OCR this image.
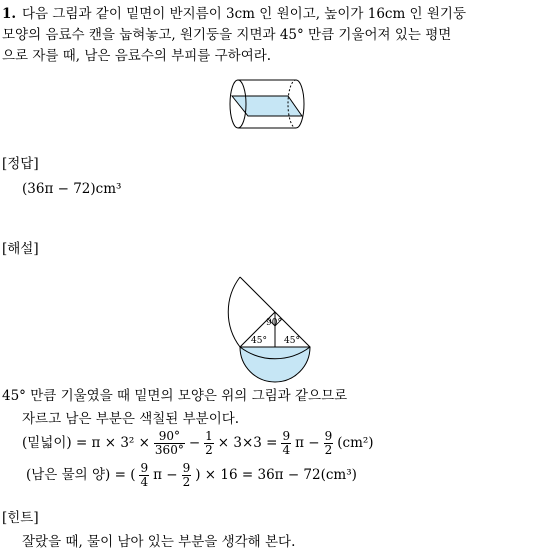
1. 다음 그림과 같이 밑면이 반지름이 3cm 인 원이고, 높이가 16cm 인 원기둥
모양의 음료수 캔을 눕혀놓고, 원기둥을 지면과 45° 만큼 기울어져 있는 평면
으로 자를 때, 남은 음료수의 부피를 구하여라.
90°
45° 45°
[정답]
(36π − 72)cm³
[해설]
45° 만큼 기울였을 때 밑면의 모양은 위의 그림과 같으므로
자르고 남은 부분은 색칠된 부분이다.
(밑넓이) = $\pi \times 3^2 \times \frac{90^\circ}{360^\circ} - \frac{1}{2} \times 3\times 3 = \frac{9}{4}$ $\pi - \frac{9}{2} (cm^2)$
(남은 물의 양) = ( $\frac{9}{4}$ $\pi - \frac{9}{2}$ ) × 16 = 36π − 72(cm³)
[힌트]
잘랐을 때, 물이 남아 있는 부분을 생각해 본다.
